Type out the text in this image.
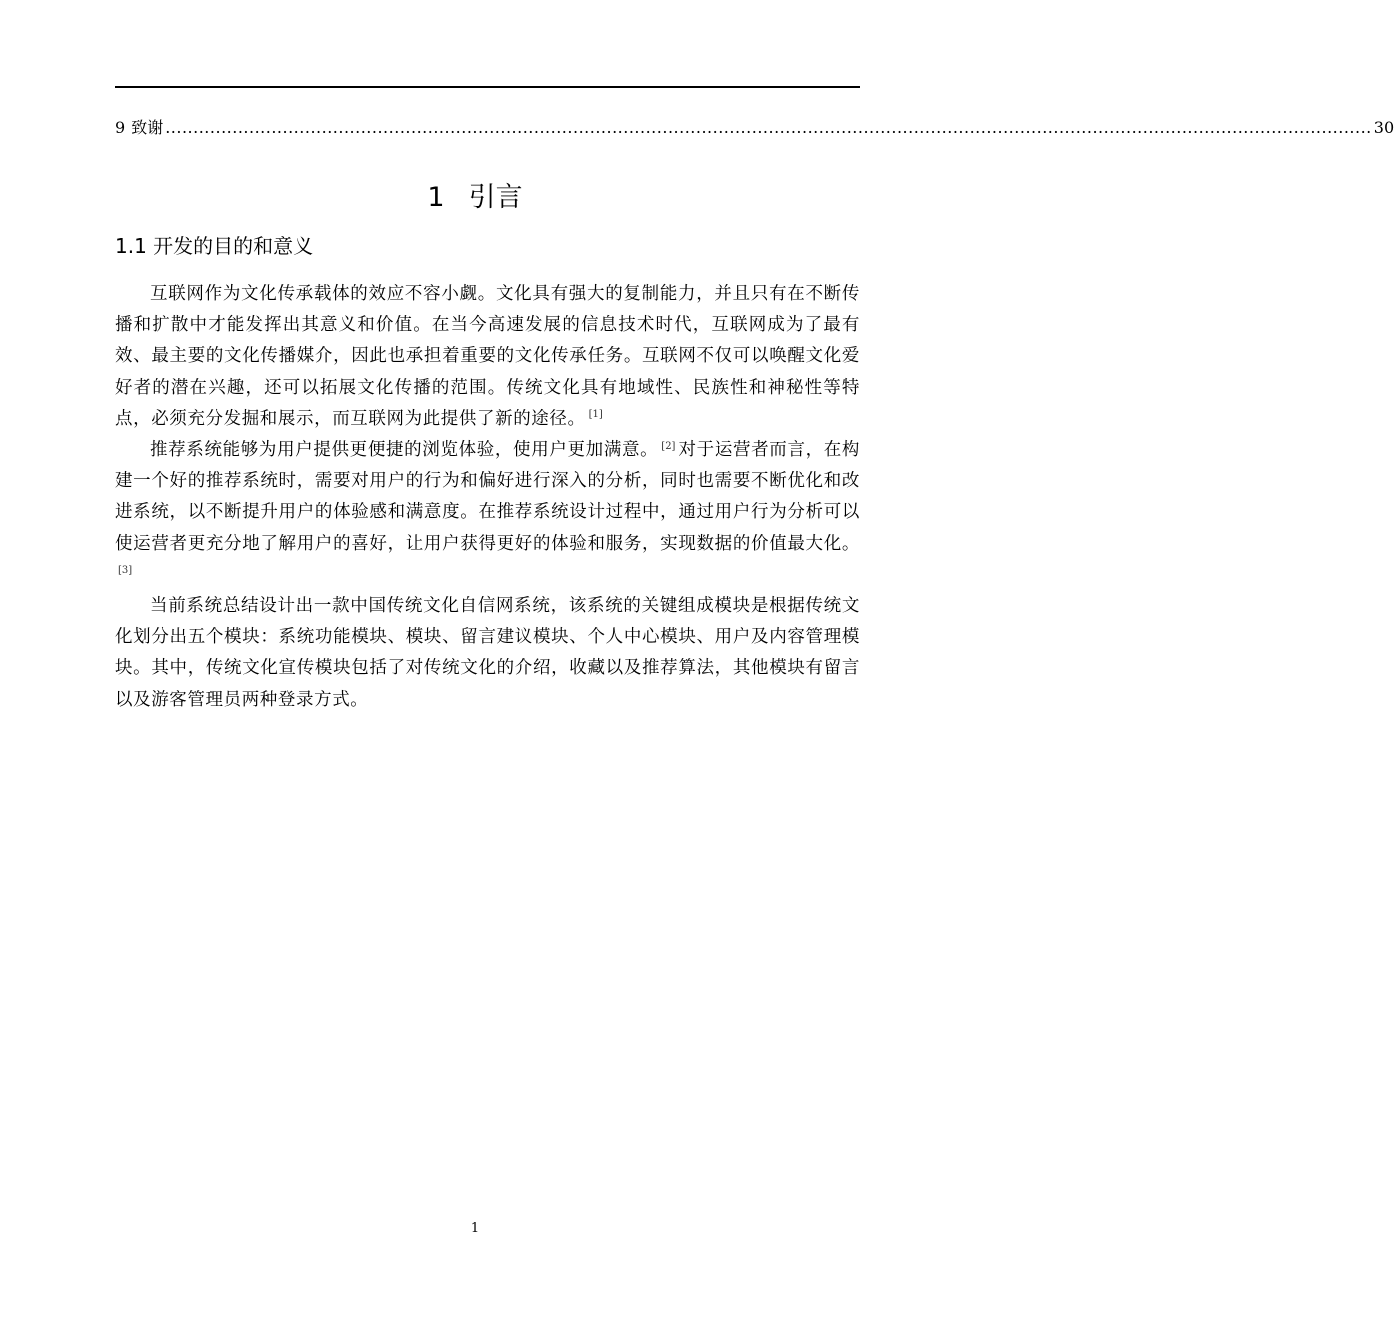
9 致谢 ........................................................................................................................................................................................................................ 30
1 引言
1.1 开发的目的和意义

互联网作为文化传承载体的效应不容小觑。文化具有强大的复制能力，并且只有在不断传播和扩散中才能发挥出其意义和价值。在当今高速发展的信息技术时代，互联网成为了最有效、最主要的文化传播媒介，因此也承担着重要的文化传承任务。互联网不仅可以唤醒文化爱好者的潜在兴趣，还可以拓展文化传播的范围。传统文化具有地域性、民族性和神秘性等特点，必须充分发掘和展示，而互联网为此提供了新的途径。 [1]

推荐系统能够为用户提供更便捷的浏览体验，使用户更加满意。 [2] 对于运营者而言，在构建一个好的推荐系统时，需要对用户的行为和偏好进行深入的分析，同时也需要不断优化和改进系统，以不断提升用户的体验感和满意度。在推荐系统设计过程中，通过用户行为分析可以使运营者更充分地了解用户的喜好，让用户获得更好的体验和服务，实现数据的价值最大化。[3]

当前系统总结设计出一款中国传统文化自信网系统，该系统的关键组成模块是根据传统文化划分出五个模块：系统功能模块、模块、留言建议模块、个人中心模块、用户及内容管理模块。其中，传统文化宣传模块包括了对传统文化的介绍，收藏以及推荐算法，其他模块有留言以及游客管理员两种登录方式。

1
